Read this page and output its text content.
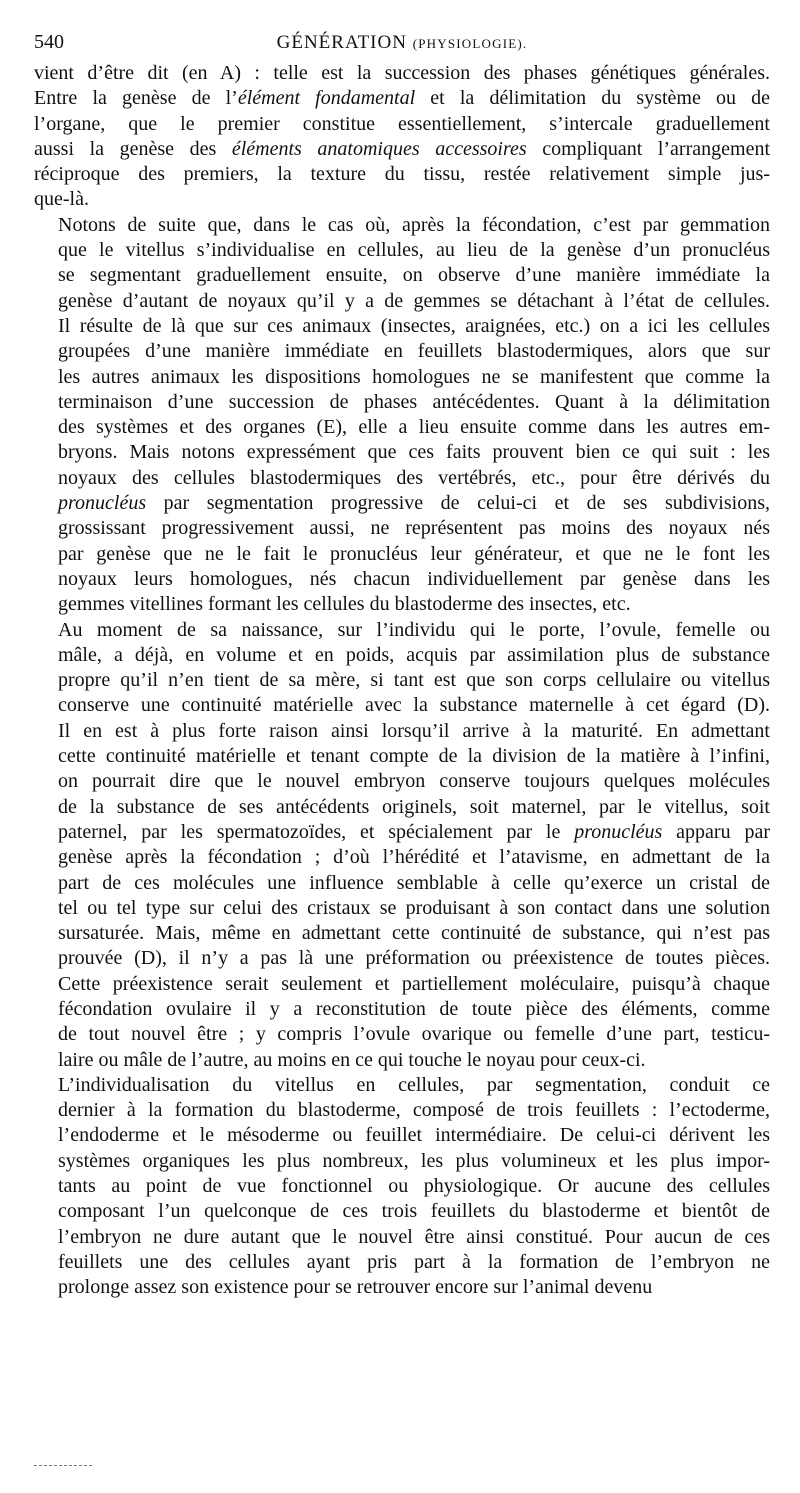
540	GÉNÉRATION (PHYSIOLOGIE).

vient d’être dit (en A) : telle est la succession des phases génétiques générales.
Entre la genèse de l’élément fondamental et la délimitation du système ou de
l’organe, que le premier constitue essentiellement, s’intercale graduellement
aussi la genèse des éléments anatomiques accessoires compliquant l’arrangement
réciproque des premiers, la texture du tissu, restée relativement simple jus-
que-là.

Notons de suite que, dans le cas où, après la fécondation, c’est par gemmation
que le vitellus s’individualise en cellules, au lieu de la genèse d’un pronucléus
se segmentant graduellement ensuite, on observe d’une manière immédiate la
genèse d’autant de noyaux qu’il y a de gemmes se détachant à l’état de cellules.
Il résulte de là que sur ces animaux (insectes, araignées, etc.) on a ici les cellules
groupées d’une manière immédiate en feuillets blastodermiques, alors que sur
les autres animaux les dispositions homologues ne se manifestent que comme la
terminaison d’une succession de phases antécédentes. Quant à la délimitation
des systèmes et des organes (E), elle a lieu ensuite comme dans les autres em-
bryons. Mais notons expressément que ces faits prouvent bien ce qui suit : les
noyaux des cellules blastodermiques des vertébrés, etc., pour être dérivés du
pronucléus par segmentation progressive de celui-ci et de ses subdivisions,
grossissant progressivement aussi, ne représentent pas moins des noyaux nés
par genèse que ne le fait le pronucléus leur générateur, et que ne le font les
noyaux leurs homologues, nés chacun individuellement par genèse dans les
gemmes vitellines formant les cellules du blastoderme des insectes, etc.

Au moment de sa naissance, sur l’individu qui le porte, l’ovule, femelle ou
mâle, a déjà, en volume et en poids, acquis par assimilation plus de substance
propre qu’il n’en tient de sa mère, si tant est que son corps cellulaire ou vitellus
conserve une continuité matérielle avec la substance maternelle à cet égard (D).
Il en est à plus forte raison ainsi lorsqu’il arrive à la maturité. En admettant
cette continuité matérielle et tenant compte de la division de la matière à l’infini,
on pourrait dire que le nouvel embryon conserve toujours quelques molécules
de la substance de ses antécédents originels, soit maternel, par le vitellus, soit
paternel, par les spermatozoïdes, et spécialement par le pronucléus apparu par
genèse après la fécondation ; d’où l’hérédité et l’atavisme, en admettant de la
part de ces molécules une influence semblable à celle qu’exerce un cristal de
tel ou tel type sur celui des cristaux se produisant à son contact dans une solution
sursaturée. Mais, même en admettant cette continuité de substance, qui n’est pas
prouvée (D), il n’y a pas là une préformation ou préexistence de toutes pièces.
Cette préexistence serait seulement et partiellement moléculaire, puisqu’à chaque
fécondation ovulaire il y a reconstitution de toute pièce des éléments, comme
de tout nouvel être ; y compris l’ovule ovarique ou femelle d’une part, testicu-
laire ou mâle de l’autre, au moins en ce qui touche le noyau pour ceux-ci.

L’individualisation du vitellus en cellules, par segmentation, conduit ce
dernier à la formation du blastoderme, composé de trois feuillets : l’ectoderme,
l’endoderme et le mésoderme ou feuillet intermédiaire. De celui-ci dérivent les
systèmes organiques les plus nombreux, les plus volumineux et les plus impor-
tants au point de vue fonctionnel ou physiologique. Or aucune des cellules
composant l’un quelconque de ces trois feuillets du blastoderme et bientôt de
l’embryon ne dure autant que le nouvel être ainsi constitué. Pour aucun de ces
feuillets une des cellules ayant pris part à la formation de l’embryon ne
prolonge assez son existence pour se retrouver encore sur l’animal devenu
